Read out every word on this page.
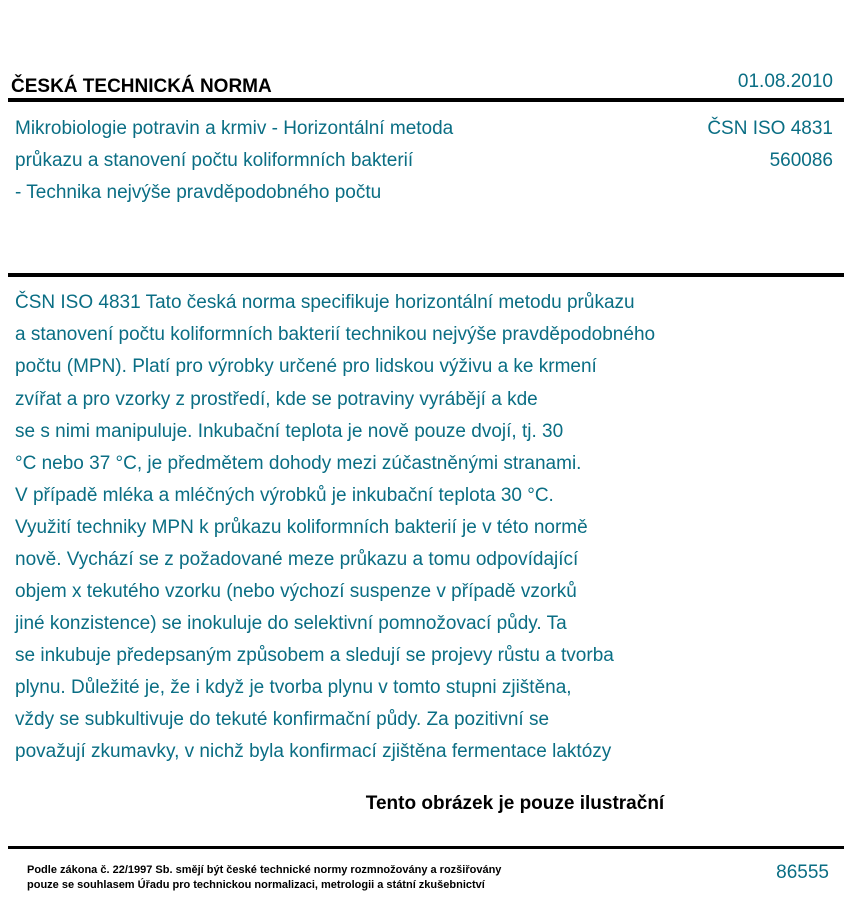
ČESKÁ TECHNICKÁ NORMA	01.08.2010
Mikrobiologie potravin a krmiv - Horizontální metoda
průkazu a stanovení počtu koliformních bakterií
- Technika nejvýše pravděpodobného počtu
ČSN ISO 4831
560086
ČSN ISO 4831 Tato česká norma specifikuje horizontální metodu průkazu
a stanovení počtu koliformních bakterií technikou nejvýše pravděpodobného
počtu (MPN). Platí pro výrobky určené pro lidskou výživu a ke krmení
zvířat a pro vzorky z prostředí, kde se potraviny vyrábějí a kde
se s nimi manipuluje. Inkubační teplota je nově pouze dvojí, tj. 30
°C nebo 37 °C, je předmětem dohody mezi zúčastněnými stranami.
V případě mléka a mléčných výrobků je inkubační teplota 30 °C.
Využití techniky MPN k průkazu koliformních bakterií je v této normě
nově. Vychází se z požadované meze průkazu a tomu odpovídající
objem x tekutého vzorku (nebo výchozí suspenze v případě vzorků
jiné konzistence) se inokuluje do selektivní pomnožovací půdy. Ta
se inkubuje předepsaným způsobem a sledují se projevy růstu a tvorba
plynu. Důležité je, že i když je tvorba plynu v tomto stupni zjištěna,
vždy se subkultivuje do tekuté konfirmační půdy. Za pozitivní se
považují zkumavky, v nichž byla konfirmací zjištěna fermentace laktózy
Tento obrázek je pouze ilustrační
Podle zákona č. 22/1997 Sb. smějí být české technické normy rozmnožovány a rozšiřovány
pouze se souhlasem Úřadu pro technickou normalizaci, metrologii a státní zkušebnictví
86555
